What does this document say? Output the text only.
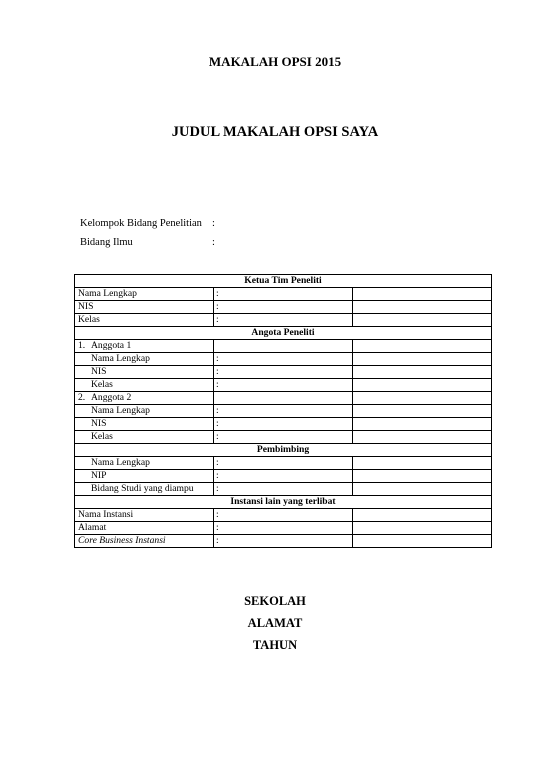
MAKALAH OPSI 2015
JUDUL MAKALAH OPSI SAYA
Kelompok Bidang Penelitian :
Bidang Ilmu	:
Ketua Tim Peneliti		
Nama Lengkap	:	
NIS	:	
Kelas	:	
Angota Peneliti		
1. Anggota 1		
Nama Lengkap	:	
NIS	:	
Kelas	:	
2. Anggota 2		
Nama Lengkap	:	
NIS	:	
Kelas	:	
Pembimbing		
Nama Lengkap	:	
NIP	:	
Bidang Studi yang diampu	:	
Instansi lain yang terlibat		
Nama Instansi	:	
Alamat	:	
Core Business Instansi	:	
SEKOLAH
ALAMAT
TAHUN
